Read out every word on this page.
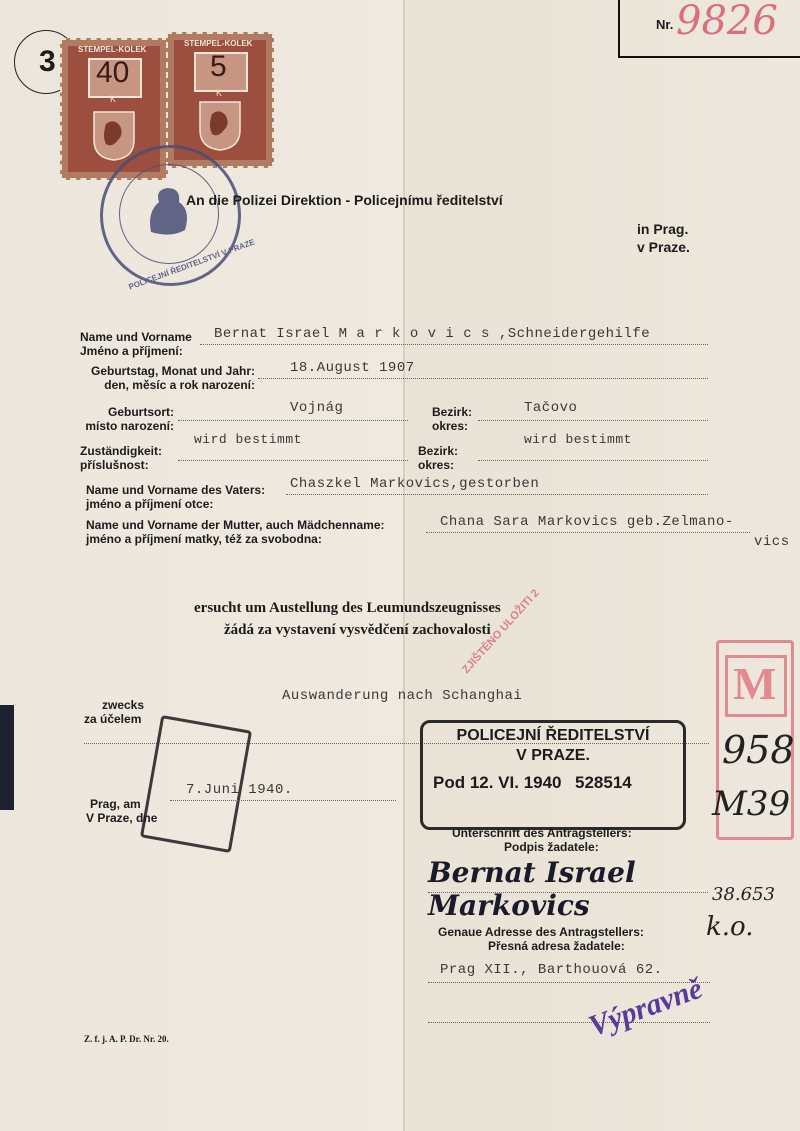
Nr. 9826
3	STEMPEL-KOLEK
40
K
STEMPEL-KOLEK
5
K
POLICEJNÍ ŘEDITELSTVÍ V PRAZE
An die Polizei Direktion - Policejnímu ředitelství
in Prag.
v Praze.
Name und Vorname
Jméno a příjmení:
Bernat Israel M a r k o v i c s ,Schneidergehilfe
Geburtstag, Monat und Jahr:
den, měsíc a rok narození:
18.August 1907
Geburtsort:
místo narození:
Vojnág	Bezirk:
okres:
Tačovo
Zuständigkeit:
příslušnost:
wird bestimmt
Bezirk:
okres:
wird bestimmt
Name und Vorname des Vaters:
jméno a příjmení otce:
Chaszkel Markovics,gestorben
Name und Vorname der Mutter, auch Mädchenname:
jméno a příjmení matky, též za svobodna:
Chana Sara Markovics geb.Zelmano-
vics
ersucht um Austellung des Leumundszeugnisses
žádá za vystavení vysvědčení zachovalosti
ZJIŠTĚNO ULOŽITI 2
zwecks
za účelem
Auswanderung nach Schanghai
POLICEJNÍ ŘEDITELSTVÍ
V PRAZE.
Pod 12. VI. 1940 528514
M
958
M39
38.653
k.o.
Prag, am
V Praze, dne
7.Juni 1940.
Unterschrift des Antragstellers:
Podpis žadatele:
Bernat Israel Markovics
Genaue Adresse des Antragstellers:
Přesná adresa žadatele:
Prag XII., Barthouová 62.
Výpravně
Z. f. j. A. P. Dr. Nr. 20.
